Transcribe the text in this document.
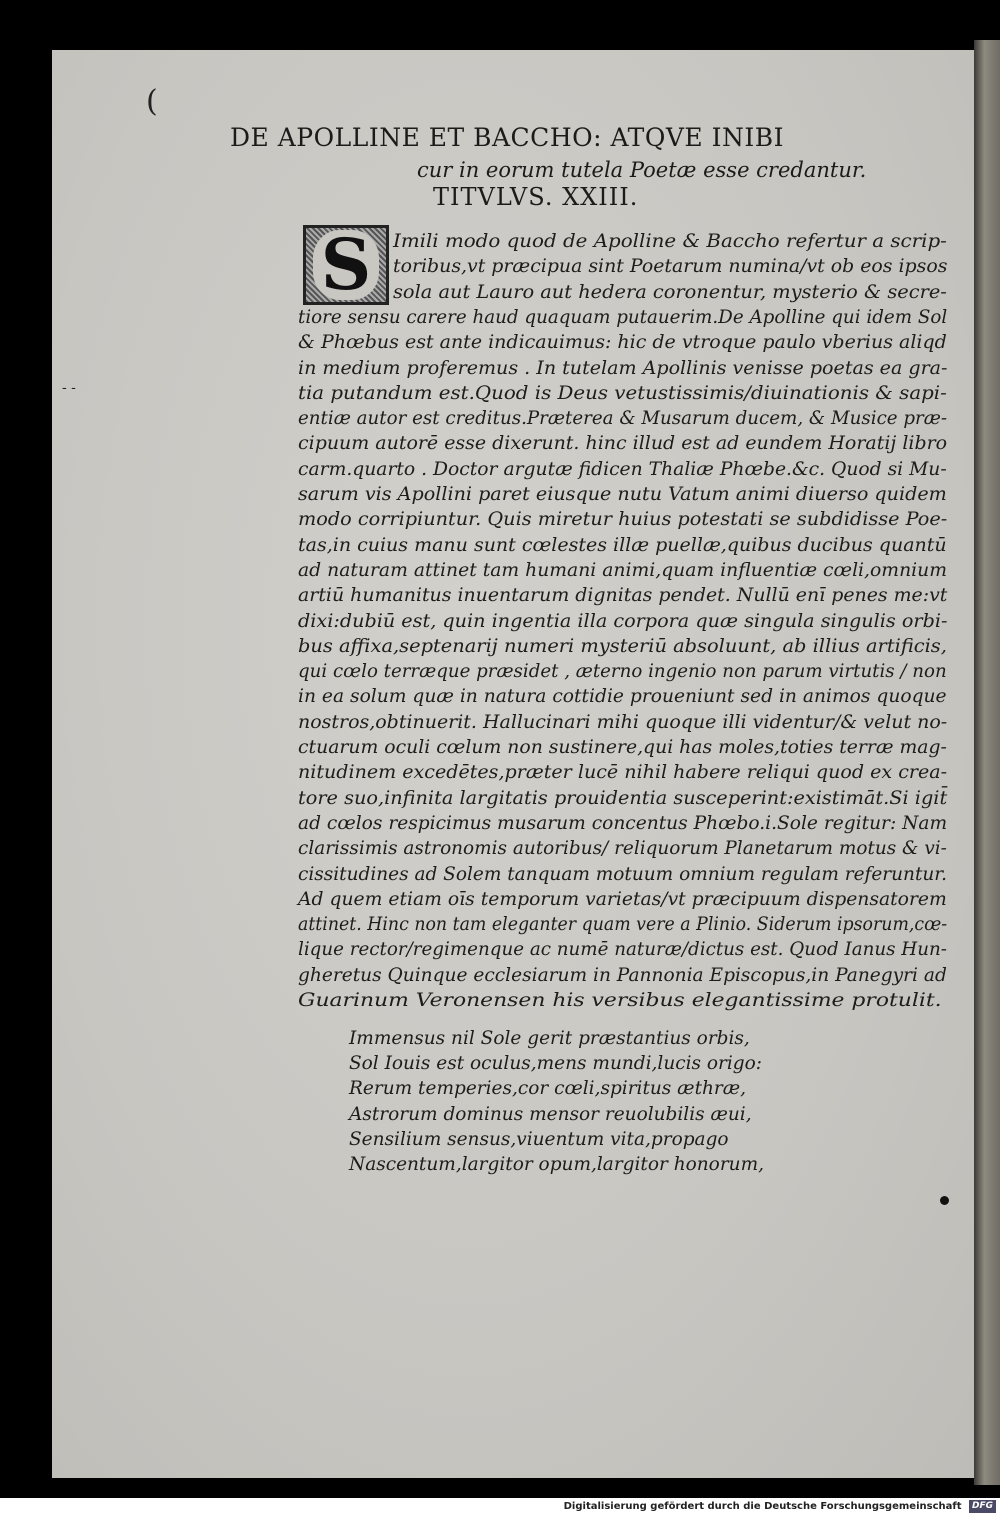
(
- -
DE APOLLINE ET BACCHO: ATQVE INIBI
cur in eorum tutela Poetæ esse credantur.
TITVLVS. XXIII.
S	Imili modo quod de Apolline & Baccho refertur a scrip-
toribus,vt præcipua sint Poetarum numina/vt ob eos ipsos
sola aut Lauro aut hedera coronentur, mysterio & secre-
tiore sensu carere haud quaquam putauerim.De Apolline qui idem Sol
& Phœbus est ante indicauimus: hic de vtroque paulo vberius aliqd
in medium proferemus . In tutelam Apollinis venisse poetas ea gra-
tia putandum est.Quod is Deus vetustissimis/diuinationis & sapi-
entiæ autor est creditus.Præterea & Musarum ducem, & Musice præ-
cipuum autorē esse dixerunt. hinc illud est ad eundem Horatij libro
carm.quarto . Doctor argutæ fidicen Thaliæ Phœbe.&c. Quod si Mu-
sarum vis Apollini paret eiusque nutu Vatum animi diuerso quidem
modo corripiuntur. Quis miretur huius potestati se subdidisse Poe-
tas,in cuius manu sunt cœlestes illæ puellæ,quibus ducibus quantū
ad naturam attinet tam humani animi,quam influentiæ cœli,omnium
artiū humanitus inuentarum dignitas pendet. Nullū enī penes me:vt
dixi:dubiū est, quin ingentia illa corpora quæ singula singulis orbi-
bus affixa,septenarij numeri mysteriū absoluunt, ab illius artificis,
qui cœlo terræque præsidet , æterno ingenio non parum virtutis / non
in ea solum quæ in natura cottidie proueniunt sed in animos quoque
nostros,obtinuerit. Hallucinari mihi quoque illi videntur/& velut no-
ctuarum oculi cœlum non sustinere,qui has moles,toties terræ mag-
nitudinem excedētes,præter lucē nihil habere reliqui quod ex crea-
tore suo,infinita largitatis prouidentia susceperint:existimāt.Si igit̄
ad cœlos respicimus musarum concentus Phœbo.i.Sole regitur: Nam
clarissimis astronomis autoribus/ reliquorum Planetarum motus & vi-
cissitudines ad Solem tanquam motuum omnium regulam referuntur.
Ad quem etiam oīs temporum varietas/vt præcipuum dispensatorem
attinet. Hinc non tam eleganter quam vere a Plinio. Siderum ipsorum,cœ-
lique rector/regimenque ac numē naturæ/dictus est. Quod Ianus Hun-
gheretus Quinque ecclesiarum in Pannonia Episcopus,in Panegyri ad
Guarinum Veronensen his versibus elegantissime protulit.
Immensus nil Sole gerit præstantius orbis,
Sol Iouis est oculus,mens mundi,lucis origo:
Rerum temperies,cor cœli,spiritus æthræ,
Astrorum dominus mensor reuolubilis æui,
Sensilium sensus,viuentum vita,propago
Nascentum,largitor opum,largitor honorum,
Digitalisierung gefördert durch die Deutsche Forschungsgemeinschaft DFG
